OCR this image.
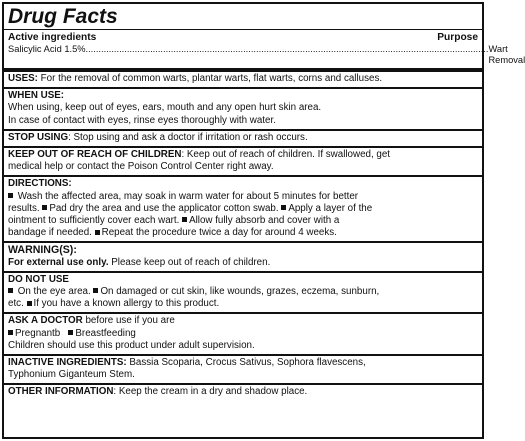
Drug Facts
Active ingredients	Purpose
Salicylic Acid 1.5%............................................................................................................................................................ Wart Removal
USES: For the removal of common warts, plantar warts, flat warts, corns and calluses.
WHEN USE:
When using, keep out of eyes, ears, mouth and any open hurt skin area.
In case of contact with eyes, rinse eyes thoroughly with water.
STOP USING: Stop using and ask a doctor if irritation or rash occurs.
KEEP OUT OF REACH OF CHILDREN: Keep out of reach of children. If swallowed, get
medical help or contact the Poison Control Center right away.
DIRECTIONS:
Wash the affected area, may soak in warm water for about 5 minutes for better
results. Pad dry the area and use the applicator cotton swab. Apply a layer of the
ointment to sufficiently cover each wart. Allow fully absorb and cover with a
bandage if needed. Repeat the procedure twice a day for around 4 weeks.
WARNING(S):
For external use only. Please keep out of reach of children.
DO NOT USE
On the eye area. On damaged or cut skin, like wounds, grazes, eczema, sunburn,
etc. If you have a known allergy to this product.
ASK A DOCTOR before use if you are
Pregnantb Breastfeeding
Children should use this product under adult supervision.
INACTIVE INGREDIENTS: Bassia Scoparia, Crocus Sativus, Sophora flavescens,
Typhonium Giganteum Stem.
OTHER INFORMATION: Keep the cream in a dry and shadow place.
